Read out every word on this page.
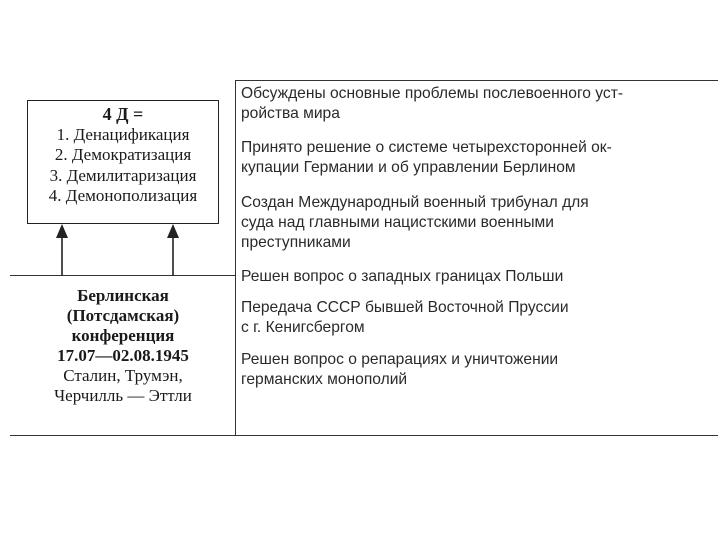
4 Д =
1. Денацификация
2. Демократизация
3. Демилитаризация
4. Демонополизация
Берлинская
(Потсдамская)
конференция
17.07—02.08.1945
Сталин, Трумэн,
Черчилль — Эттли
Обсуждены основные проблемы послевоенного уст-
ройства мира
Принято решение о системе четырехсторонней ок-
купации Германии и об управлении Берлином
Создан Международный военный трибунал для
суда над главными нацистскими военными
преступниками
Решен вопрос о западных границах Польши
Передача СССР бывшей Восточной Пруссии
с г. Кенигсбергом
Решен вопрос о репарациях и уничтожении
германских монополий
